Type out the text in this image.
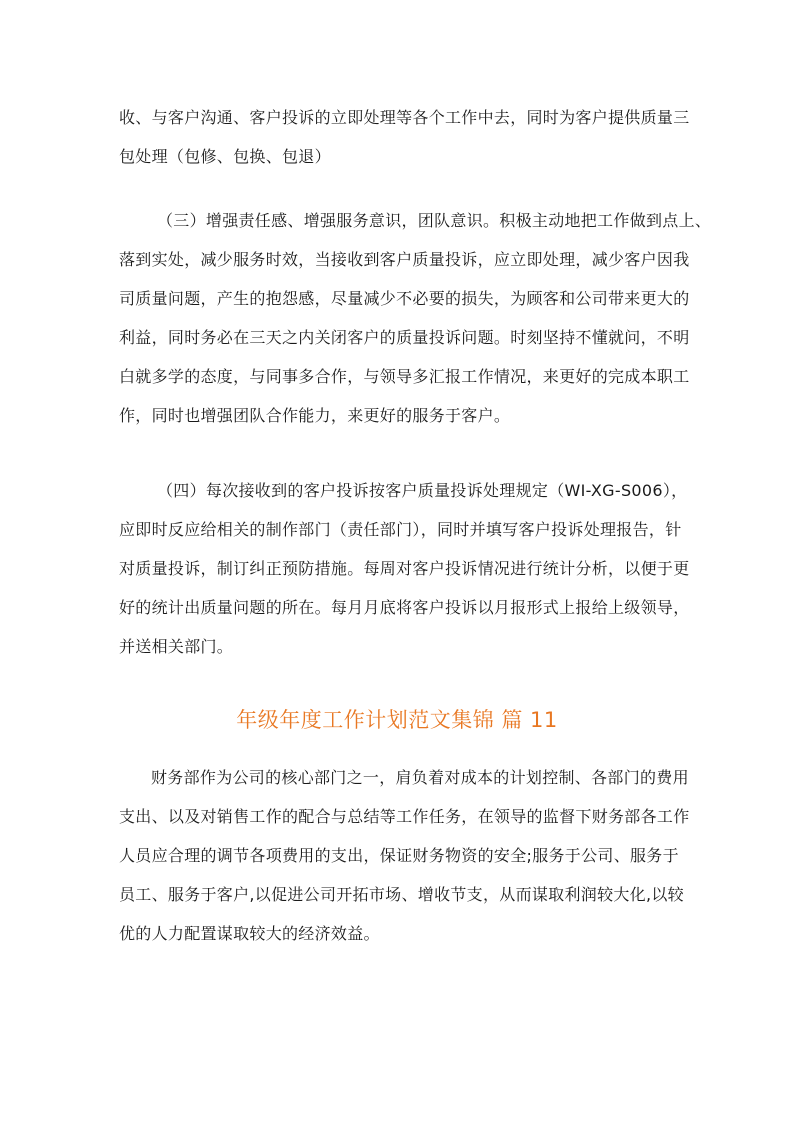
收、与客户沟通、客户投诉的立即处理等各个工作中去，同时为客户提供质量三
包处理（包修、包换、包退）
（三）增强责任感、增强服务意识，团队意识。积极主动地把工作做到点上、
落到实处，减少服务时效，当接收到客户质量投诉，应立即处理，减少客户因我
司质量问题，产生的抱怨感，尽量减少不必要的损失，为顾客和公司带来更大的
利益，同时务必在三天之内关闭客户的质量投诉问题。时刻坚持不懂就问，不明
白就多学的态度，与同事多合作，与领导多汇报工作情况，来更好的完成本职工
作，同时也增强团队合作能力，来更好的服务于客户。
（四）每次接收到的客户投诉按客户质量投诉处理规定（WI-XG-S006），
应即时反应给相关的制作部门（责任部门），同时并填写客户投诉处理报告，针
对质量投诉，制订纠正预防措施。每周对客户投诉情况进行统计分析，以便于更
好的统计出质量问题的所在。每月月底将客户投诉以月报形式上报给上级领导，
并送相关部门。
年级年度工作计划范文集锦 篇 11
财务部作为公司的核心部门之一，肩负着对成本的计划控制、各部门的费用
支出、以及对销售工作的配合与总结等工作任务，在领导的监督下财务部各工作
人员应合理的调节各项费用的支出，保证财务物资的安全;服务于公司、服务于
员工、服务于客户,以促进公司开拓市场、增收节支，从而谋取利润较大化,以较
优的人力配置谋取较大的经济效益。
